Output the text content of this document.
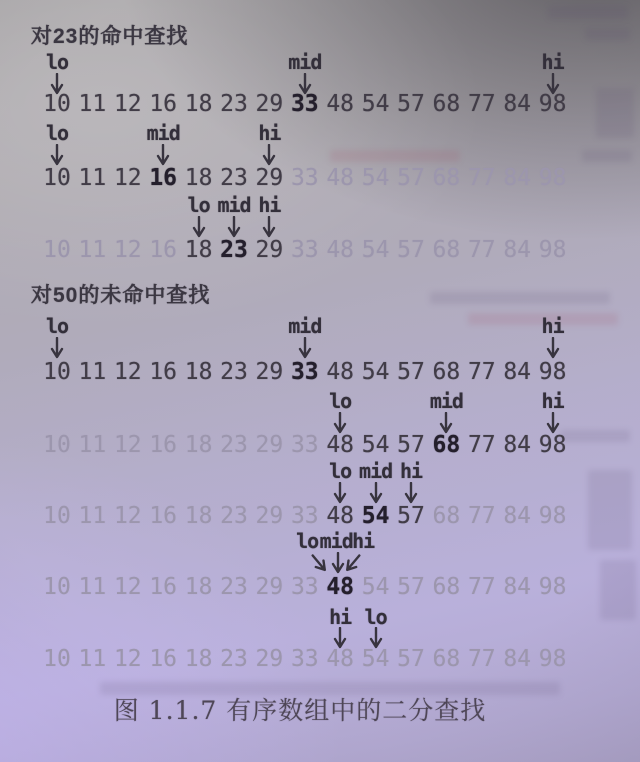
对23的命中查找
对50的未命中查找
lo	mid	hi
10 11 12 16 18 23 29 33 48 54 57 68 77 84 98
lo	mid	hi
10 11 12 16 18 23 29 33 48 54 57 68 77 84 98
lo mid hi
10 11 12 16 18 23 29 33 48 54 57 68 77 84 98
lo	mid	hi
10 11 12 16 18 23 29 33 48 54 57 68 77 84 98
lo	mid	hi
10 11 12 16 18 23 29 33 48 54 57 68 77 84 98
lo mid hi
10 11 12 16 18 23 29 33 48 54 57 68 77 84 98
lo mid hi
10 11 12 16 18 23 29 33 48 54 57 68 77 84 98
hi lo
10 11 12 16 18 23 29 33 48 54 57 68 77 84 98
图 1.1.7 有序数组中的二分查找
